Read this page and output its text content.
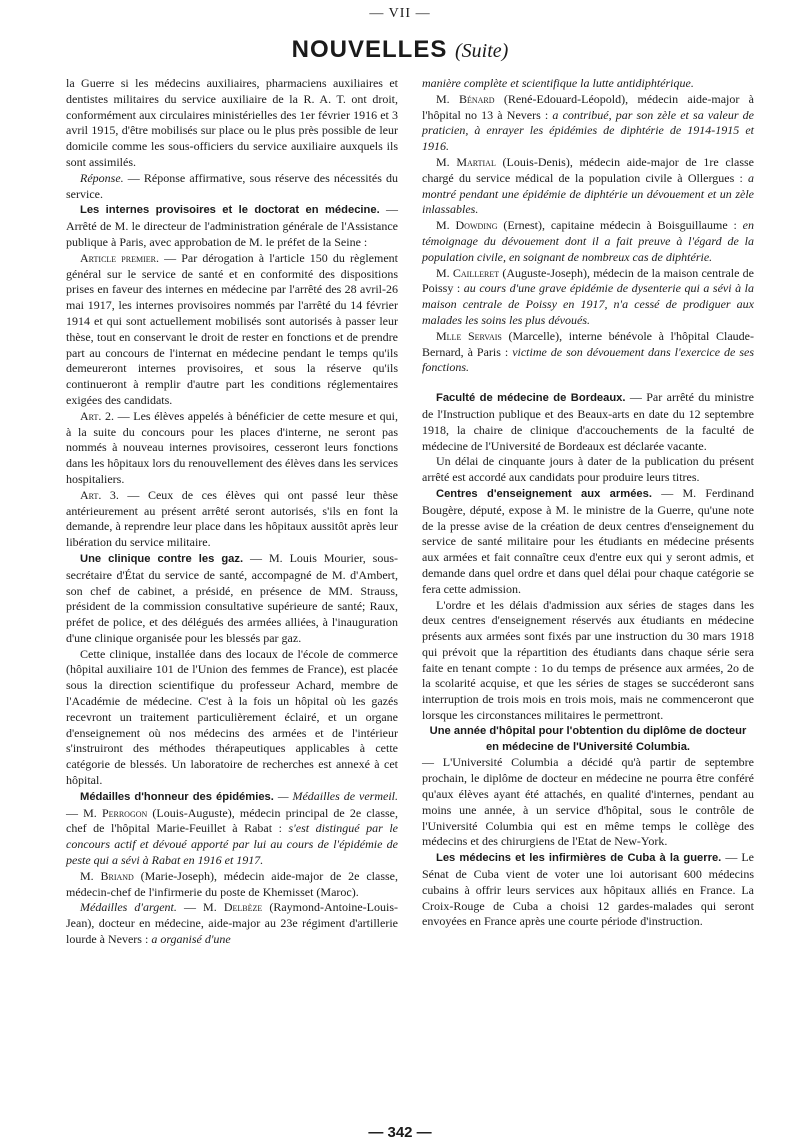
— VII —
NOUVELLES (Suite)

la Guerre si les médecins auxiliaires, pharmaciens auxiliaires et dentistes militaires du service auxiliaire de la R. A. T. ont droit, conformément aux circulaires ministérielles des 1er février 1916 et 3 avril 1915, d'être mobilisés sur place ou le plus près possible de leur domicile comme les sous-officiers du service auxiliaire auxquels ils sont assimilés.

Réponse. — Réponse affirmative, sous réserve des nécessités du service.

Les internes provisoires et le doctorat en médecine. — Arrêté de M. le directeur de l'administration générale de l'Assistance publique à Paris, avec approbation de M. le préfet de la Seine :

Article premier. — Par dérogation à l'article 150 du règlement général sur le service de santé et en conformité des dispositions prises en faveur des internes en médecine par l'arrêté des 28 avril-26 mai 1917, les internes provisoires nommés par l'arrêté du 14 février 1914 et qui sont actuellement mobilisés sont autorisés à passer leur thèse, tout en conservant le droit de rester en fonctions et de prendre part au concours de l'internat en médecine pendant le temps qu'ils demeureront internes provisoires, et sous la réserve qu'ils continueront à remplir d'autre part les conditions réglementaires exigées des candidats.

Art. 2. — Les élèves appelés à bénéficier de cette mesure et qui, à la suite du concours pour les places d'interne, ne seront pas nommés à nouveau internes provisoires, cesseront leurs fonctions dans les hôpitaux lors du renouvellement des élèves dans les services hospitaliers.

Art. 3. — Ceux de ces élèves qui ont passé leur thèse antérieurement au présent arrêté seront autorisés, s'ils en font la demande, à reprendre leur place dans les hôpitaux aussitôt après leur libération du service militaire.

Une clinique contre les gaz. — M. Louis Mourier, sous-secrétaire d'État du service de santé, accompagné de M. d'Ambert, son chef de cabinet, a présidé, en présence de MM. Strauss, président de la commission consultative supérieure de santé; Raux, préfet de police, et des délégués des armées alliées, à l'inauguration d'une clinique organisée pour les blessés par gaz.

Cette clinique, installée dans des locaux de l'école de commerce (hôpital auxiliaire 101 de l'Union des femmes de France), est placée sous la direction scientifique du professeur Achard, membre de l'Académie de médecine. C'est à la fois un hôpital où les gazés recevront un traitement particulièrement éclairé, et un organe d'enseignement où nos médecins des armées et de l'intérieur s'instruiront des méthodes thérapeutiques applicables à cette catégorie de blessés. Un laboratoire de recherches est annexé à cet hôpital.

Médailles d'honneur des épidémies. — Médailles de vermeil. — M. Perrogon (Louis-Auguste), médecin principal de 2e classe, chef de l'hôpital Marie-Feuillet à Rabat : s'est distingué par le concours actif et dévoué apporté par lui au cours de l'épidémie de peste qui a sévi à Rabat en 1916 et 1917.

M. Briand (Marie-Joseph), médecin aide-major de 2e classe, médecin-chef de l'infirmerie du poste de Khemisset (Maroc).

Médailles d'argent. — M. Delbèze (Raymond-Antoine-Louis-Jean), docteur en médecine, aide-major au 23e régiment d'artillerie lourde à Nevers : a organisé d'une

manière complète et scientifique la lutte antidiphtérique.

M. Bénard (René-Edouard-Léopold), médecin aide-major à l'hôpital no 13 à Nevers : a contribué, par son zèle et sa valeur de praticien, à enrayer les épidémies de diphtérie de 1914-1915 et 1916.

M. Martial (Louis-Denis), médecin aide-major de 1re classe chargé du service médical de la population civile à Ollergues : a montré pendant une épidémie de diphtérie un dévouement et un zèle inlassables.

M. Dowding (Ernest), capitaine médecin à Boisguillaume : en témoignage du dévouement dont il a fait preuve à l'égard de la population civile, en soignant de nombreux cas de diphtérie.

M. Cailleret (Auguste-Joseph), médecin de la maison centrale de Poissy : au cours d'une grave épidémie de dysenterie qui a sévi à la maison centrale de Poissy en 1917, n'a cessé de prodiguer aux malades les soins les plus dévoués.

Mlle Servais (Marcelle), interne bénévole à l'hôpital Claude-Bernard, à Paris : victime de son dévouement dans l'exercice de ses fonctions.

Faculté de médecine de Bordeaux. — Par arrêté du ministre de l'Instruction publique et des Beaux-arts en date du 12 septembre 1918, la chaire de clinique d'accouchements de la faculté de médecine de l'Université de Bordeaux est déclarée vacante.

Un délai de cinquante jours à dater de la publication du présent arrêté est accordé aux candidats pour produire leurs titres.

Centres d'enseignement aux armées. — M. Ferdinand Bougère, député, expose à M. le ministre de la Guerre, qu'une note de la presse avise de la création de deux centres d'enseignement du service de santé militaire pour les étudiants en médecine présents aux armées et fait connaître ceux d'entre eux qui y seront admis, et demande dans quel ordre et dans quel délai pour chaque catégorie se fera cette admission.

L'ordre et les délais d'admission aux séries de stages dans les deux centres d'enseignement réservés aux étudiants en médecine présents aux armées sont fixés par une instruction du 30 mars 1918 qui prévoit que la répartition des étudiants dans chaque série sera faite en tenant compte : 1o du temps de présence aux armées, 2o de la scolarité acquise, et que les séries de stages se succéderont sans interruption de trois mois en trois mois, mais ne commenceront que lorsque les circonstances militaires le permettront.

Une année d'hôpital pour l'obtention du diplôme de docteur en médecine de l'Université Columbia.

— L'Université Columbia a décidé qu'à partir de septembre prochain, le diplôme de docteur en médecine ne pourra être conféré qu'aux élèves ayant été attachés, en qualité d'internes, pendant au moins une année, à un service d'hôpital, sous le contrôle de l'Université Columbia qui est en même temps le collège des médecins et des chirurgiens de l'Etat de New-York.

Les médecins et les infirmières de Cuba à la guerre. — Le Sénat de Cuba vient de voter une loi autorisant 600 médecins cubains à offrir leurs services aux hôpitaux alliés en France. La Croix-Rouge de Cuba a choisi 12 gardes-malades qui seront envoyées en France après une courte période d'instruction.

— 342 —
